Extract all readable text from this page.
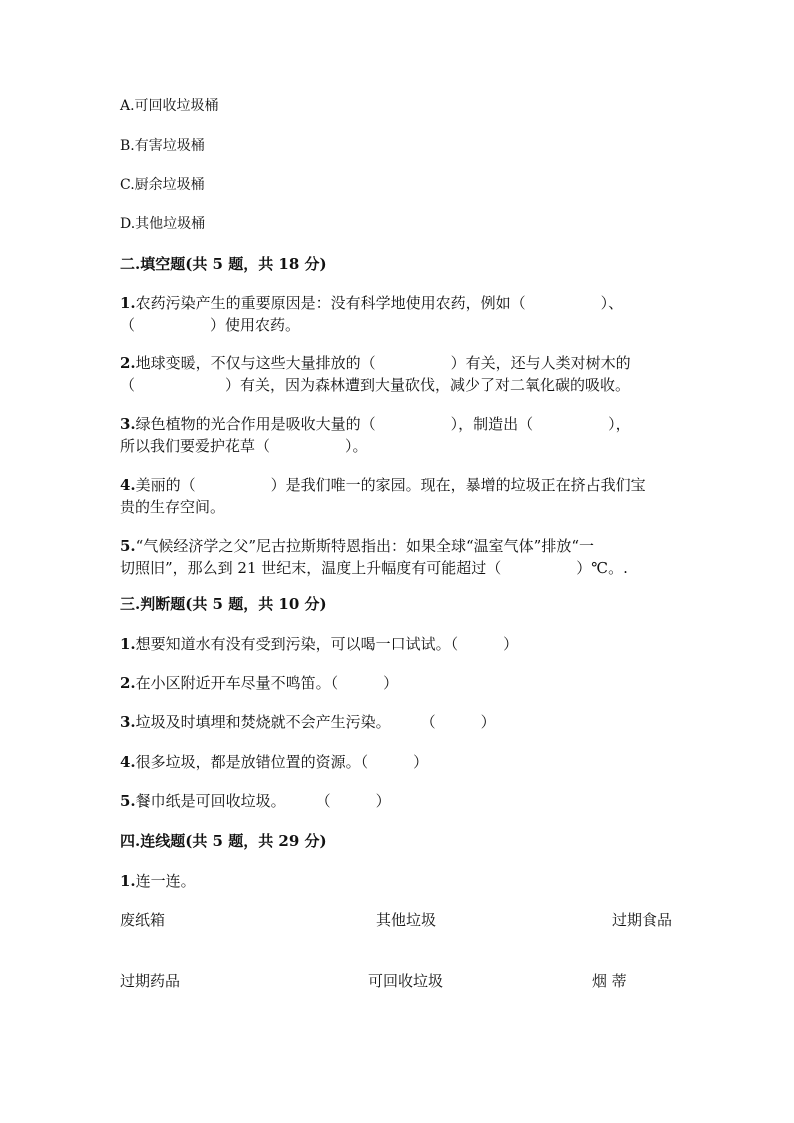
A.可回收垃圾桶
B.有害垃圾桶
C.厨余垃圾桶
D.其他垃圾桶
二.填空题(共 5 题，共 18 分)
1.农药污染产生的重要原因是：没有科学地使用农药，例如（　　　　　）、
（　　　　　）使用农药。
2.地球变暖，不仅与这些大量排放的（　　　　　）有关，还与人类对树木的
（　　　　　　）有关，因为森林遭到大量砍伐，减少了对二氧化碳的吸收。
3.绿色植物的光合作用是吸收大量的（　　　　　），制造出（　　　　　），
所以我们要爱护花草（　　　　　）。
4.美丽的（　　　　　）是我们唯一的家园。现在，暴增的垃圾正在挤占我们宝
贵的生存空间。
5.“气候经济学之父”尼古拉斯斯特恩指出：如果全球“温室气体”排放“一
切照旧”，那么到 21 世纪末，温度上升幅度有可能超过（　　　　　）℃。.
三.判断题(共 5 题，共 10 分)
1.想要知道水有没有受到污染，可以喝一口试试。（　　　）
2.在小区附近开车尽量不鸣笛。（　　　）
3.垃圾及时填埋和焚烧就不会产生污染。　　　（　　　）
4.很多垃圾，都是放错位置的资源。（　　　）
5.餐巾纸是可回收垃圾。　　　（　　　）
四.连线题(共 5 题，共 29 分)
1.连一连。
废纸箱	其他垃圾	过期食品
过期药品	可回收垃圾	烟 蒂
